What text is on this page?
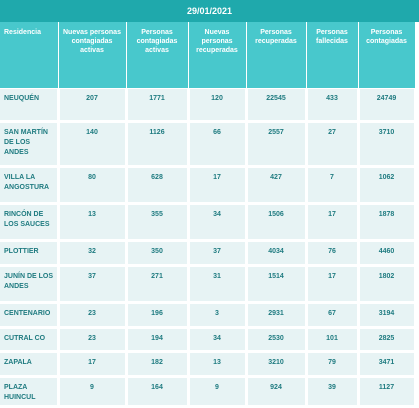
29/01/2021
Residencia	Nuevas personas contagiadas activas	Personas contagiadas activas	Nuevas personas recuperadas	Personas recuperadas	Personas fallecidas	Personas contagiadas
NEUQUÉN	207	1771	120	22545	433	24749
SAN MARTÍN DE LOS ANDES	140	1126	66	2557	27	3710
VILLA LA ANGOSTURA	80	628	17	427	7	1062
RINCÓN DE LOS SAUCES	13	355	34	1506	17	1878
PLOTTIER	32	350	37	4034	76	4460
JUNÍN DE LOS ANDES	37	271	31	1514	17	1802
CENTENARIO	23	196	3	2931	67	3194
CUTRAL CO	23	194	34	2530	101	2825
ZAPALA	17	182	13	3210	79	3471
PLAZA HUINCUL	9	164	9	924	39	1127
